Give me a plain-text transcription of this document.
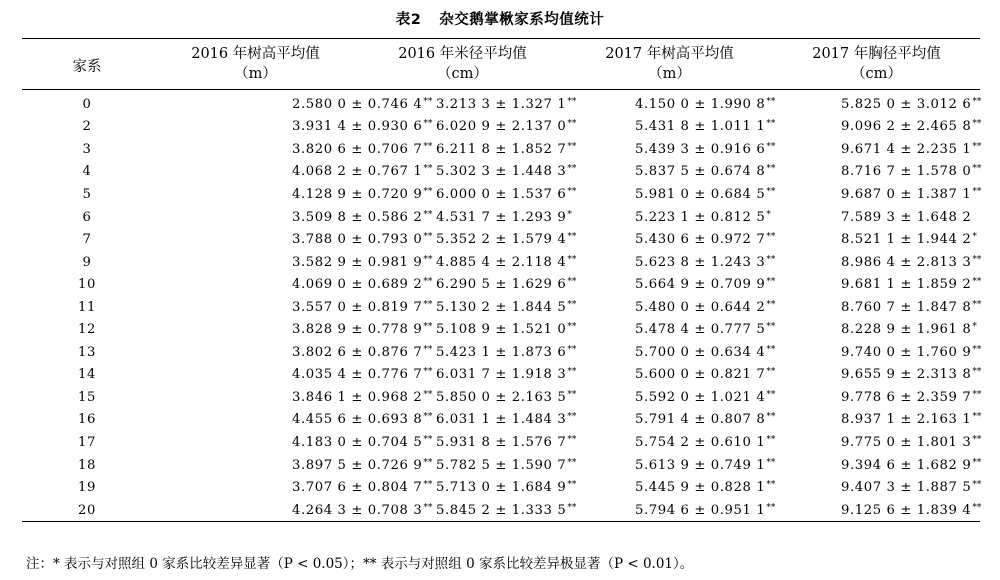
表2 杂交鹅掌楸家系均值统计
家系	2016 年树高平均值	2016 年米径平均值	2017 年树高平均值	2017 年胸径平均值
	（m）	（cm）	（m）	（cm）
0	2.580 0 ± 0.746 4**	3.213 3 ± 1.327 1**	4.150 0 ± 1.990 8**	5.825 0 ± 3.012 6**
2	3.931 4 ± 0.930 6**	6.020 9 ± 2.137 0**	5.431 8 ± 1.011 1**	9.096 2 ± 2.465 8**
3	3.820 6 ± 0.706 7**	6.211 8 ± 1.852 7**	5.439 3 ± 0.916 6**	9.671 4 ± 2.235 1**
4	4.068 2 ± 0.767 1**	5.302 3 ± 1.448 3**	5.837 5 ± 0.674 8**	8.716 7 ± 1.578 0**
5	4.128 9 ± 0.720 9**	6.000 0 ± 1.537 6**	5.981 0 ± 0.684 5**	9.687 0 ± 1.387 1**
6	3.509 8 ± 0.586 2**	4.531 7 ± 1.293 9*	5.223 1 ± 0.812 5*	7.589 3 ± 1.648 2
7	3.788 0 ± 0.793 0**	5.352 2 ± 1.579 4**	5.430 6 ± 0.972 7**	8.521 1 ± 1.944 2*
9	3.582 9 ± 0.981 9**	4.885 4 ± 2.118 4**	5.623 8 ± 1.243 3**	8.986 4 ± 2.813 3**
10	4.069 0 ± 0.689 2**	6.290 5 ± 1.629 6**	5.664 9 ± 0.709 9**	9.681 1 ± 1.859 2**
11	3.557 0 ± 0.819 7**	5.130 2 ± 1.844 5**	5.480 0 ± 0.644 2**	8.760 7 ± 1.847 8**
12	3.828 9 ± 0.778 9**	5.108 9 ± 1.521 0**	5.478 4 ± 0.777 5**	8.228 9 ± 1.961 8*
13	3.802 6 ± 0.876 7**	5.423 1 ± 1.873 6**	5.700 0 ± 0.634 4**	9.740 0 ± 1.760 9**
14	4.035 4 ± 0.776 7**	6.031 7 ± 1.918 3**	5.600 0 ± 0.821 7**	9.655 9 ± 2.313 8**
15	3.846 1 ± 0.968 2**	5.850 0 ± 2.163 5**	5.592 0 ± 1.021 4**	9.778 6 ± 2.359 7**
16	4.455 6 ± 0.693 8**	6.031 1 ± 1.484 3**	5.791 4 ± 0.807 8**	8.937 1 ± 2.163 1**
17	4.183 0 ± 0.704 5**	5.931 8 ± 1.576 7**	5.754 2 ± 0.610 1**	9.775 0 ± 1.801 3**
18	3.897 5 ± 0.726 9**	5.782 5 ± 1.590 7**	5.613 9 ± 0.749 1**	9.394 6 ± 1.682 9**
19	3.707 6 ± 0.804 7**	5.713 0 ± 1.684 9**	5.445 9 ± 0.828 1**	9.407 3 ± 1.887 5**
20	4.264 3 ± 0.708 3**	5.845 2 ± 1.333 5**	5.794 6 ± 0.951 1**	9.125 6 ± 1.839 4**
注：* 表示与对照组 0 家系比较差异显著（P < 0.05）；** 表示与对照组 0 家系比较差异极显著（P < 0.01）。
